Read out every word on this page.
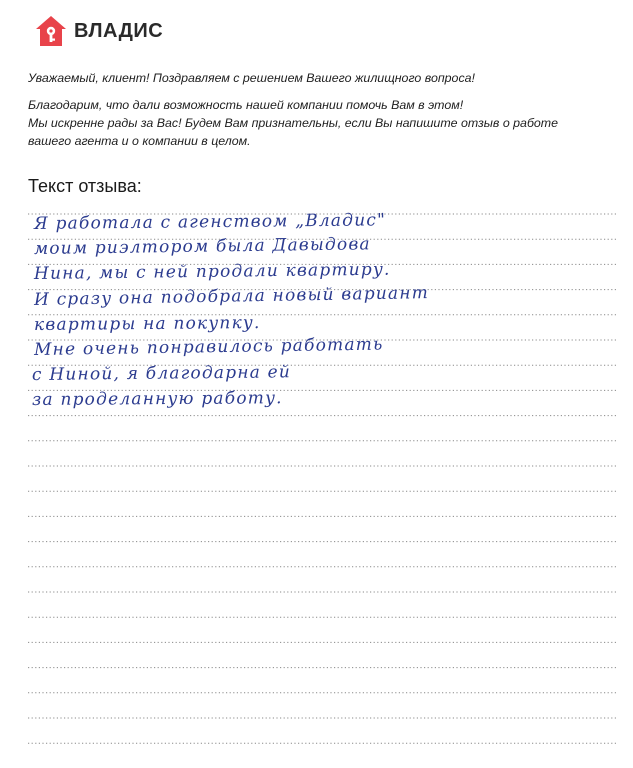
ВЛАДИС

Уважаемый, клиент! Поздравляем с решением Вашего жилищного вопроса!

Благодарим, что дали возможность нашей компании помочь Вам в этом!

Мы искренне рады за Вас! Будем Вам признательны, если Вы напишите отзыв о работе

вашего агента и о компании в целом.

Текст отзыва:
Я работала с агенством „Владис"
моим риэлтором была Давыдова
Нина, мы с ней продали квартиру.
И сразу она подобрала новый вариант
квартиры на покупку.
Мне очень понравилось работать
с Ниной, я благодарна ей
за проделанную работу.
